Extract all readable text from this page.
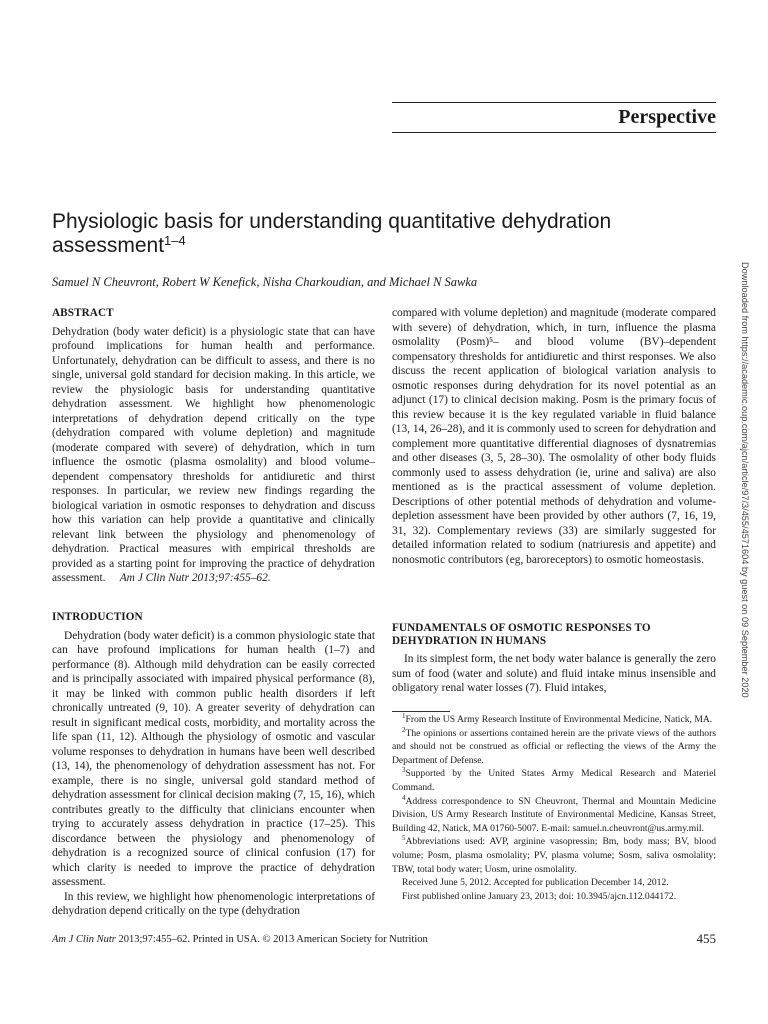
Perspective
Physiologic basis for understanding quantitative dehydration assessment$^{1-4}$
Samuel N Cheuvront, Robert W Kenefick, Nisha Charkoudian, and Michael N Sawka
ABSTRACT

Dehydration (body water deficit) is a physiologic state that can have profound implications for human health and performance. Unfortunately, dehydration can be difficult to assess, and there is no single, universal gold standard for decision making. In this article, we review the physiologic basis for understanding quantitative dehydration assessment. We highlight how phenomenologic interpretations of dehydration depend critically on the type (dehydration compared with volume depletion) and magnitude (moderate compared with severe) of dehydration, which in turn influence the osmotic (plasma osmolality) and blood volume–dependent compensatory thresholds for antidiuretic and thirst responses. In particular, we review new findings regarding the biological variation in osmotic responses to dehydration and discuss how this variation can help provide a quantitative and clinically relevant link between the physiology and phenomenology of dehydration. Practical measures with empirical thresholds are provided as a starting point for improving the practice of dehydration assessment. Am J Clin Nutr 2013;97:455–62.

compared with volume depletion) and magnitude (moderate compared with severe) of dehydration, which, in turn, influence the plasma osmolality (Posm)⁵– and blood volume (BV)–dependent compensatory thresholds for antidiuretic and thirst responses. We also discuss the recent application of biological variation analysis to osmotic responses during dehydration for its novel potential as an adjunct (17) to clinical decision making. Posm is the primary focus of this review because it is the key regulated variable in fluid balance (13, 14, 26–28), and it is commonly used to screen for dehydration and complement more quantitative differential diagnoses of dysnatremias and other diseases (3, 5, 28–30). The osmolality of other body fluids commonly used to assess dehydration (ie, urine and saliva) are also mentioned as is the practical assessment of volume depletion. Descriptions of other potential methods of dehydration and volume-depletion assessment have been provided by other authors (7, 16, 19, 31, 32). Complementary reviews (33) are similarly suggested for detailed information related to sodium (natriuresis and appetite) and nonosmotic contributors (eg, baroreceptors) to osmotic homeostasis.

INTRODUCTION

Dehydration (body water deficit) is a common physiologic state that can have profound implications for human health (1–7) and performance (8). Although mild dehydration can be easily corrected and is principally associated with impaired physical performance (8), it may be linked with common public health disorders if left chronically untreated (9, 10). A greater severity of dehydration can result in significant medical costs, morbidity, and mortality across the life span (11, 12). Although the physiology of osmotic and vascular volume responses to dehydration in humans have been well described (13, 14), the phenomenology of dehydration assessment has not. For example, there is no single, universal gold standard method of dehydration assessment for clinical decision making (7, 15, 16), which contributes greatly to the difficulty that clinicians encounter when trying to accurately assess dehydration in practice (17–25). This discordance between the physiology and phenomenology of dehydration is a recognized source of clinical confusion (17) for which clarity is needed to improve the practice of dehydration assessment.

In this review, we highlight how phenomenologic interpretations of dehydration depend critically on the type (dehydration

FUNDAMENTALS OF OSMOTIC RESPONSES TO
DEHYDRATION IN HUMANS

In its simplest form, the net body water balance is generally the zero sum of food (water and solute) and fluid intake minus insensible and obligatory renal water losses (7). Fluid intakes,

$^1$From the US Army Research Institute of Environmental Medicine, Natick, MA.

$^2$The opinions or assertions contained herein are the private views of the authors and should not be construed as official or reflecting the views of the Army the Department of Defense.

$^3$Supported by the United States Army Medical Research and Materiel Command.

$^4$Address correspondence to SN Cheuvront, Thermal and Mountain Medicine Division, US Army Research Institute of Environmental Medicine, Kansas Street, Building 42, Natick, MA 01760-5007. E-mail: samuel.n.cheuvront@us.army.mil.

$^5$Abbreviations used: AVP, arginine vasopressin; Bm, body mass; BV, blood volume; Posm, plasma osmolality; PV, plasma volume; Sosm, saliva osmolality; TBW, total body water; Uosm, urine osmolality.

Received June 5, 2012. Accepted for publication December 14, 2012.

First published online January 23, 2013; doi: 10.3945/ajcn.112.044172.

Am J Clin Nutr 2013;97:455–62. Printed in USA. © 2013 American Society for Nutrition	455
Downloaded from https://academic.oup.com/ajcn/article/97/3/455/4571604 by guest on 09 September 2020
